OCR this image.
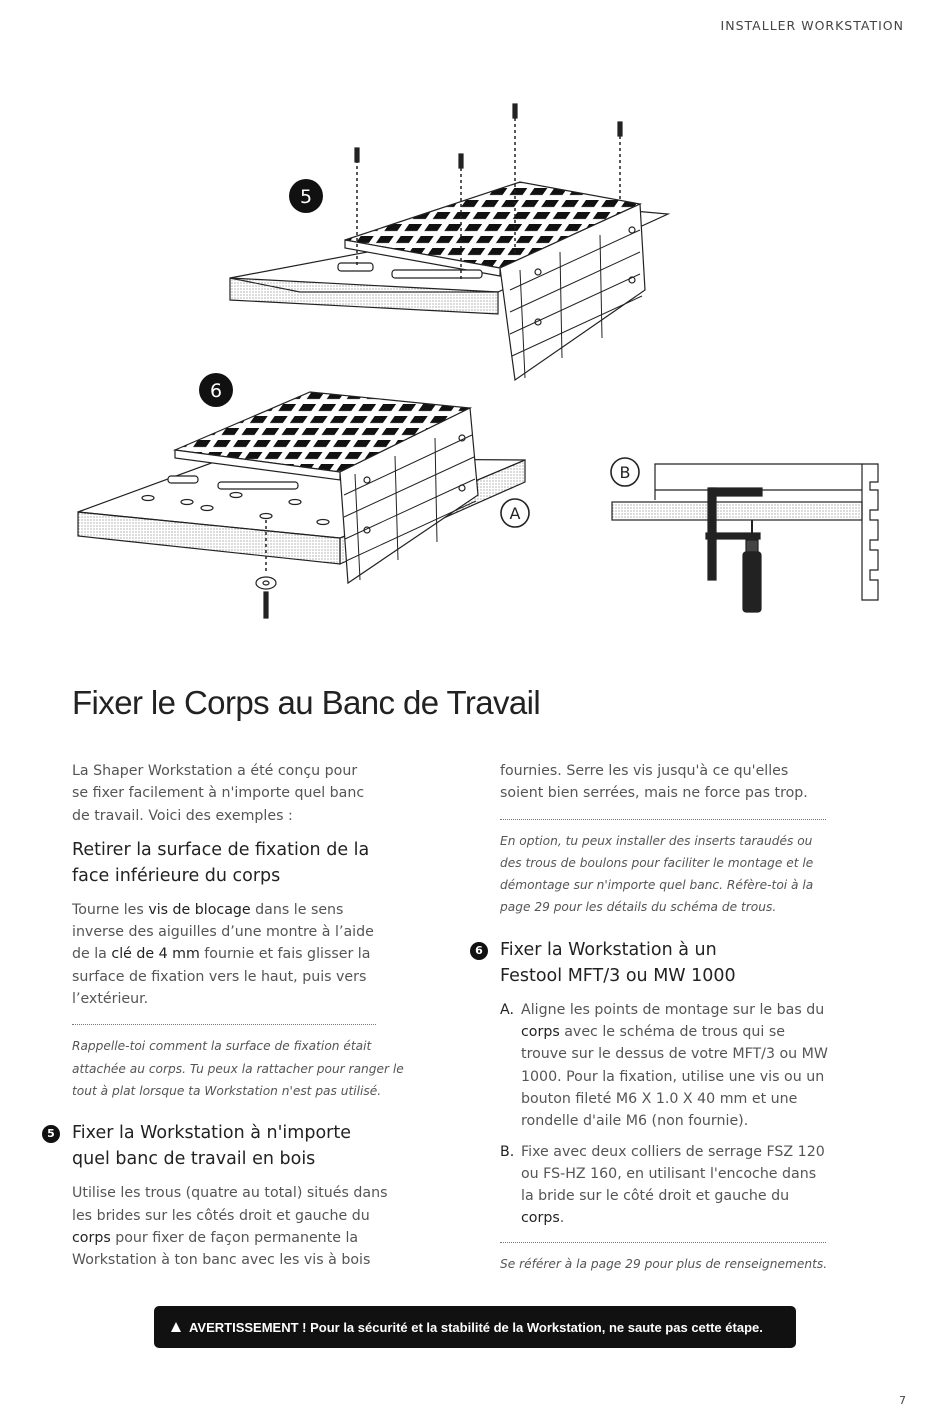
INSTALLER WORKSTATION
5
6
A
B
Fixer le Corps au Banc de Travail

La Shaper Workstation a été conçu pour se fixer facilement à n'importe quel banc de travail. Voici des exemples :

Retirer la surface de fixation de la face inférieure du corps

Tourne les vis de blocage dans le sens inverse des aiguilles d’une montre à l’aide de la clé de 4 mm fournie et fais glisser la surface de fixation vers le haut, puis vers l’extérieur.

Rappelle-toi comment la surface de fixation était attachée au corps. Tu peux la rattacher pour ranger le tout à plat lorsque ta Workstation n'est pas utilisé.

5 Fixer la Workstation à n'importe quel banc de travail en bois

Utilise les trous (quatre au total) situés dans les brides sur les côtés droit et gauche du corps pour fixer de façon permanente la Workstation à ton banc avec les vis à bois

fournies. Serre les vis jusqu'à ce qu'elles soient bien serrées, mais ne force pas trop.

En option, tu peux installer des inserts taraudés ou des trous de boulons pour faciliter le montage et le démontage sur n'importe quel banc. Réfère-toi à la page 29 pour les détails du schéma de trous.

6 Fixer la Workstation à un Festool MFT/3 ou MW 1000
A. Aligne les points de montage sur le bas du corps avec le schéma de trous qui se trouve sur le dessus de votre MFT/3 ou MW 1000. Pour la fixation, utilise une vis ou un bouton fileté M6 X 1.0 X 40 mm et une rondelle d'aile M6 (non fournie).
B. Fixe avec deux colliers de serrage FSZ 120 ou FS-HZ 160, en utilisant l'encoche dans la bride sur le côté droit et gauche du corps.

Se référer à la page 29 pour plus de renseignements.

AVERTISSEMENT ! Pour la sécurité et la stabilité de la Workstation, ne saute pas cette étape.
7
